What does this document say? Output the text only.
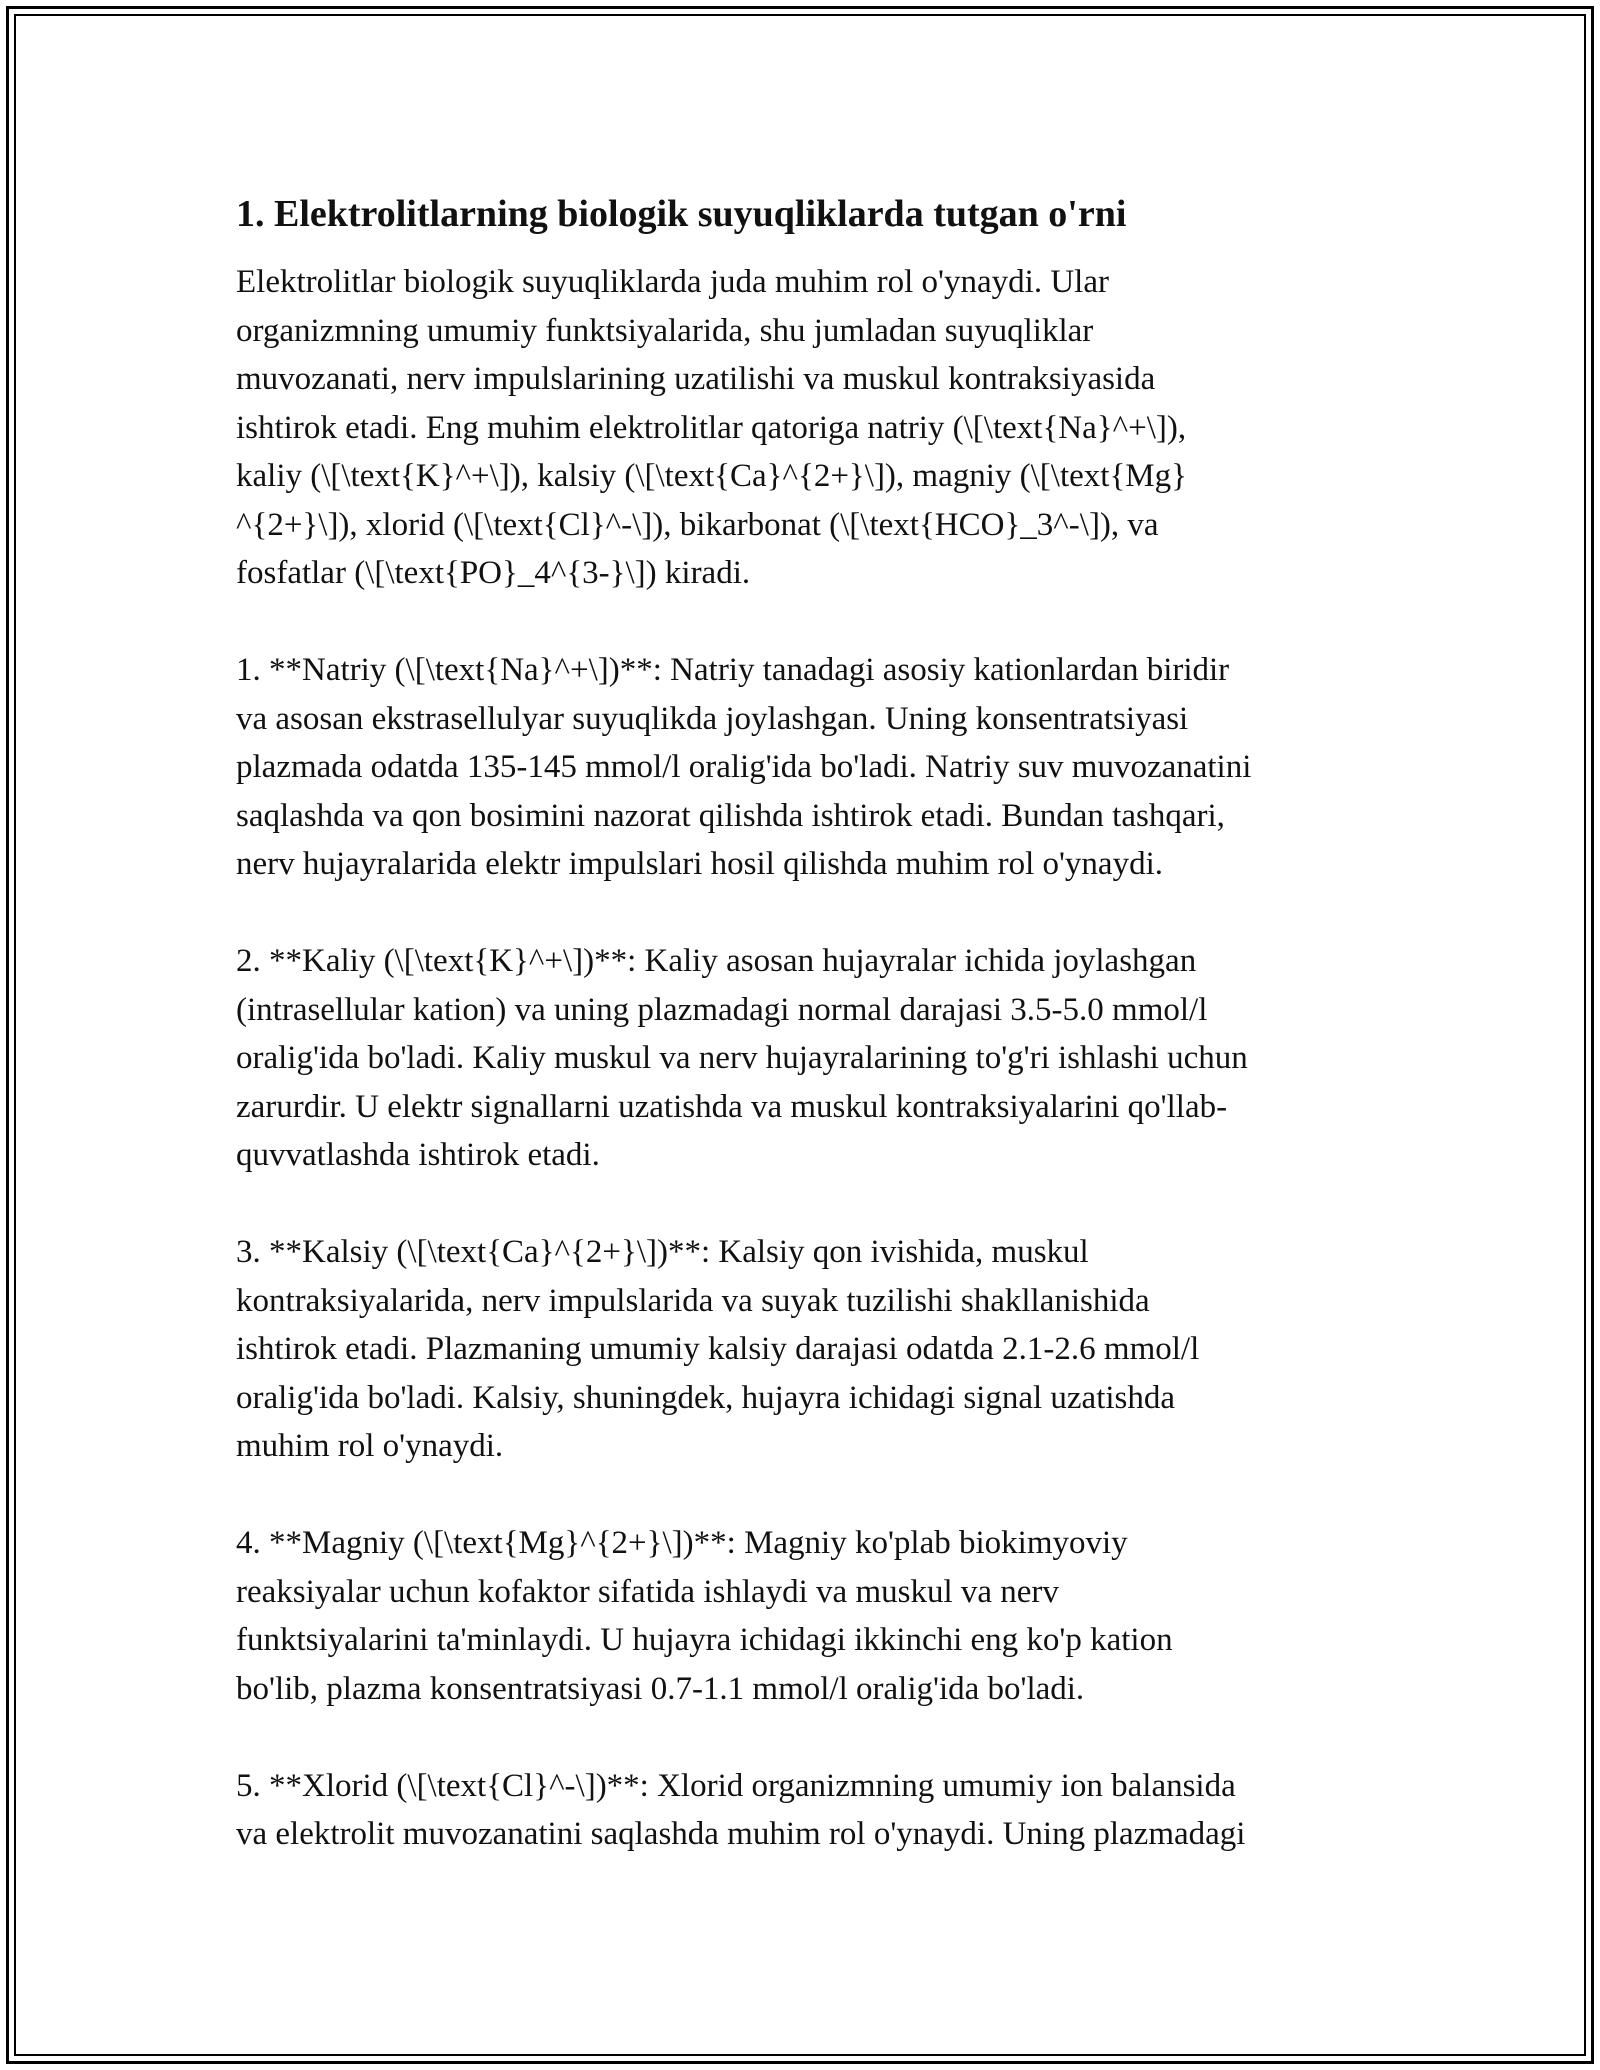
1. Elektrolitlarning biologik suyuqliklarda tutgan o'rni

Elektrolitlar biologik suyuqliklarda juda muhim rol o'ynaydi. Ular
organizmning umumiy funktsiyalarida, shu jumladan suyuqliklar
muvozanati, nerv impulslarining uzatilishi va muskul kontraksiyasida
ishtirok etadi. Eng muhim elektrolitlar qatoriga natriy (\[\text{Na}^+\]),
kaliy (\[\text{K}^+\]), kalsiy (\[\text{Ca}^{2+}\]), magniy (\[\text{Mg}
^{2+}\]), xlorid (\[\text{Cl}^-\]), bikarbonat (\[\text{HCO}_3^-\]), va
fosfatlar (\[\text{PO}_4^{3-}\]) kiradi.

1. **Natriy (\[\text{Na}^+\])**: Natriy tanadagi asosiy kationlardan biridir
va asosan ekstrasellulyar suyuqlikda joylashgan. Uning konsentratsiyasi
plazmada odatda 135-145 mmol/l oralig'ida bo'ladi. Natriy suv muvozanatini
saqlashda va qon bosimini nazorat qilishda ishtirok etadi. Bundan tashqari,
nerv hujayralarida elektr impulslari hosil qilishda muhim rol o'ynaydi.

2. **Kaliy (\[\text{K}^+\])**: Kaliy asosan hujayralar ichida joylashgan
(intrasellular kation) va uning plazmadagi normal darajasi 3.5-5.0 mmol/l
oralig'ida bo'ladi. Kaliy muskul va nerv hujayralarining to'g'ri ishlashi uchun
zarurdir. U elektr signallarni uzatishda va muskul kontraksiyalarini qo'llab-
quvvatlashda ishtirok etadi.

3. **Kalsiy (\[\text{Ca}^{2+}\])**: Kalsiy qon ivishida, muskul
kontraksiyalarida, nerv impulslarida va suyak tuzilishi shakllanishida
ishtirok etadi. Plazmaning umumiy kalsiy darajasi odatda 2.1-2.6 mmol/l
oralig'ida bo'ladi. Kalsiy, shuningdek, hujayra ichidagi signal uzatishda
muhim rol o'ynaydi.

4. **Magniy (\[\text{Mg}^{2+}\])**: Magniy ko'plab biokimyoviy
reaksiyalar uchun kofaktor sifatida ishlaydi va muskul va nerv
funktsiyalarini ta'minlaydi. U hujayra ichidagi ikkinchi eng ko'p kation
bo'lib, plazma konsentratsiyasi 0.7-1.1 mmol/l oralig'ida bo'ladi.

5. **Xlorid (\[\text{Cl}^-\])**: Xlorid organizmning umumiy ion balansida
va elektrolit muvozanatini saqlashda muhim rol o'ynaydi. Uning plazmadagi
